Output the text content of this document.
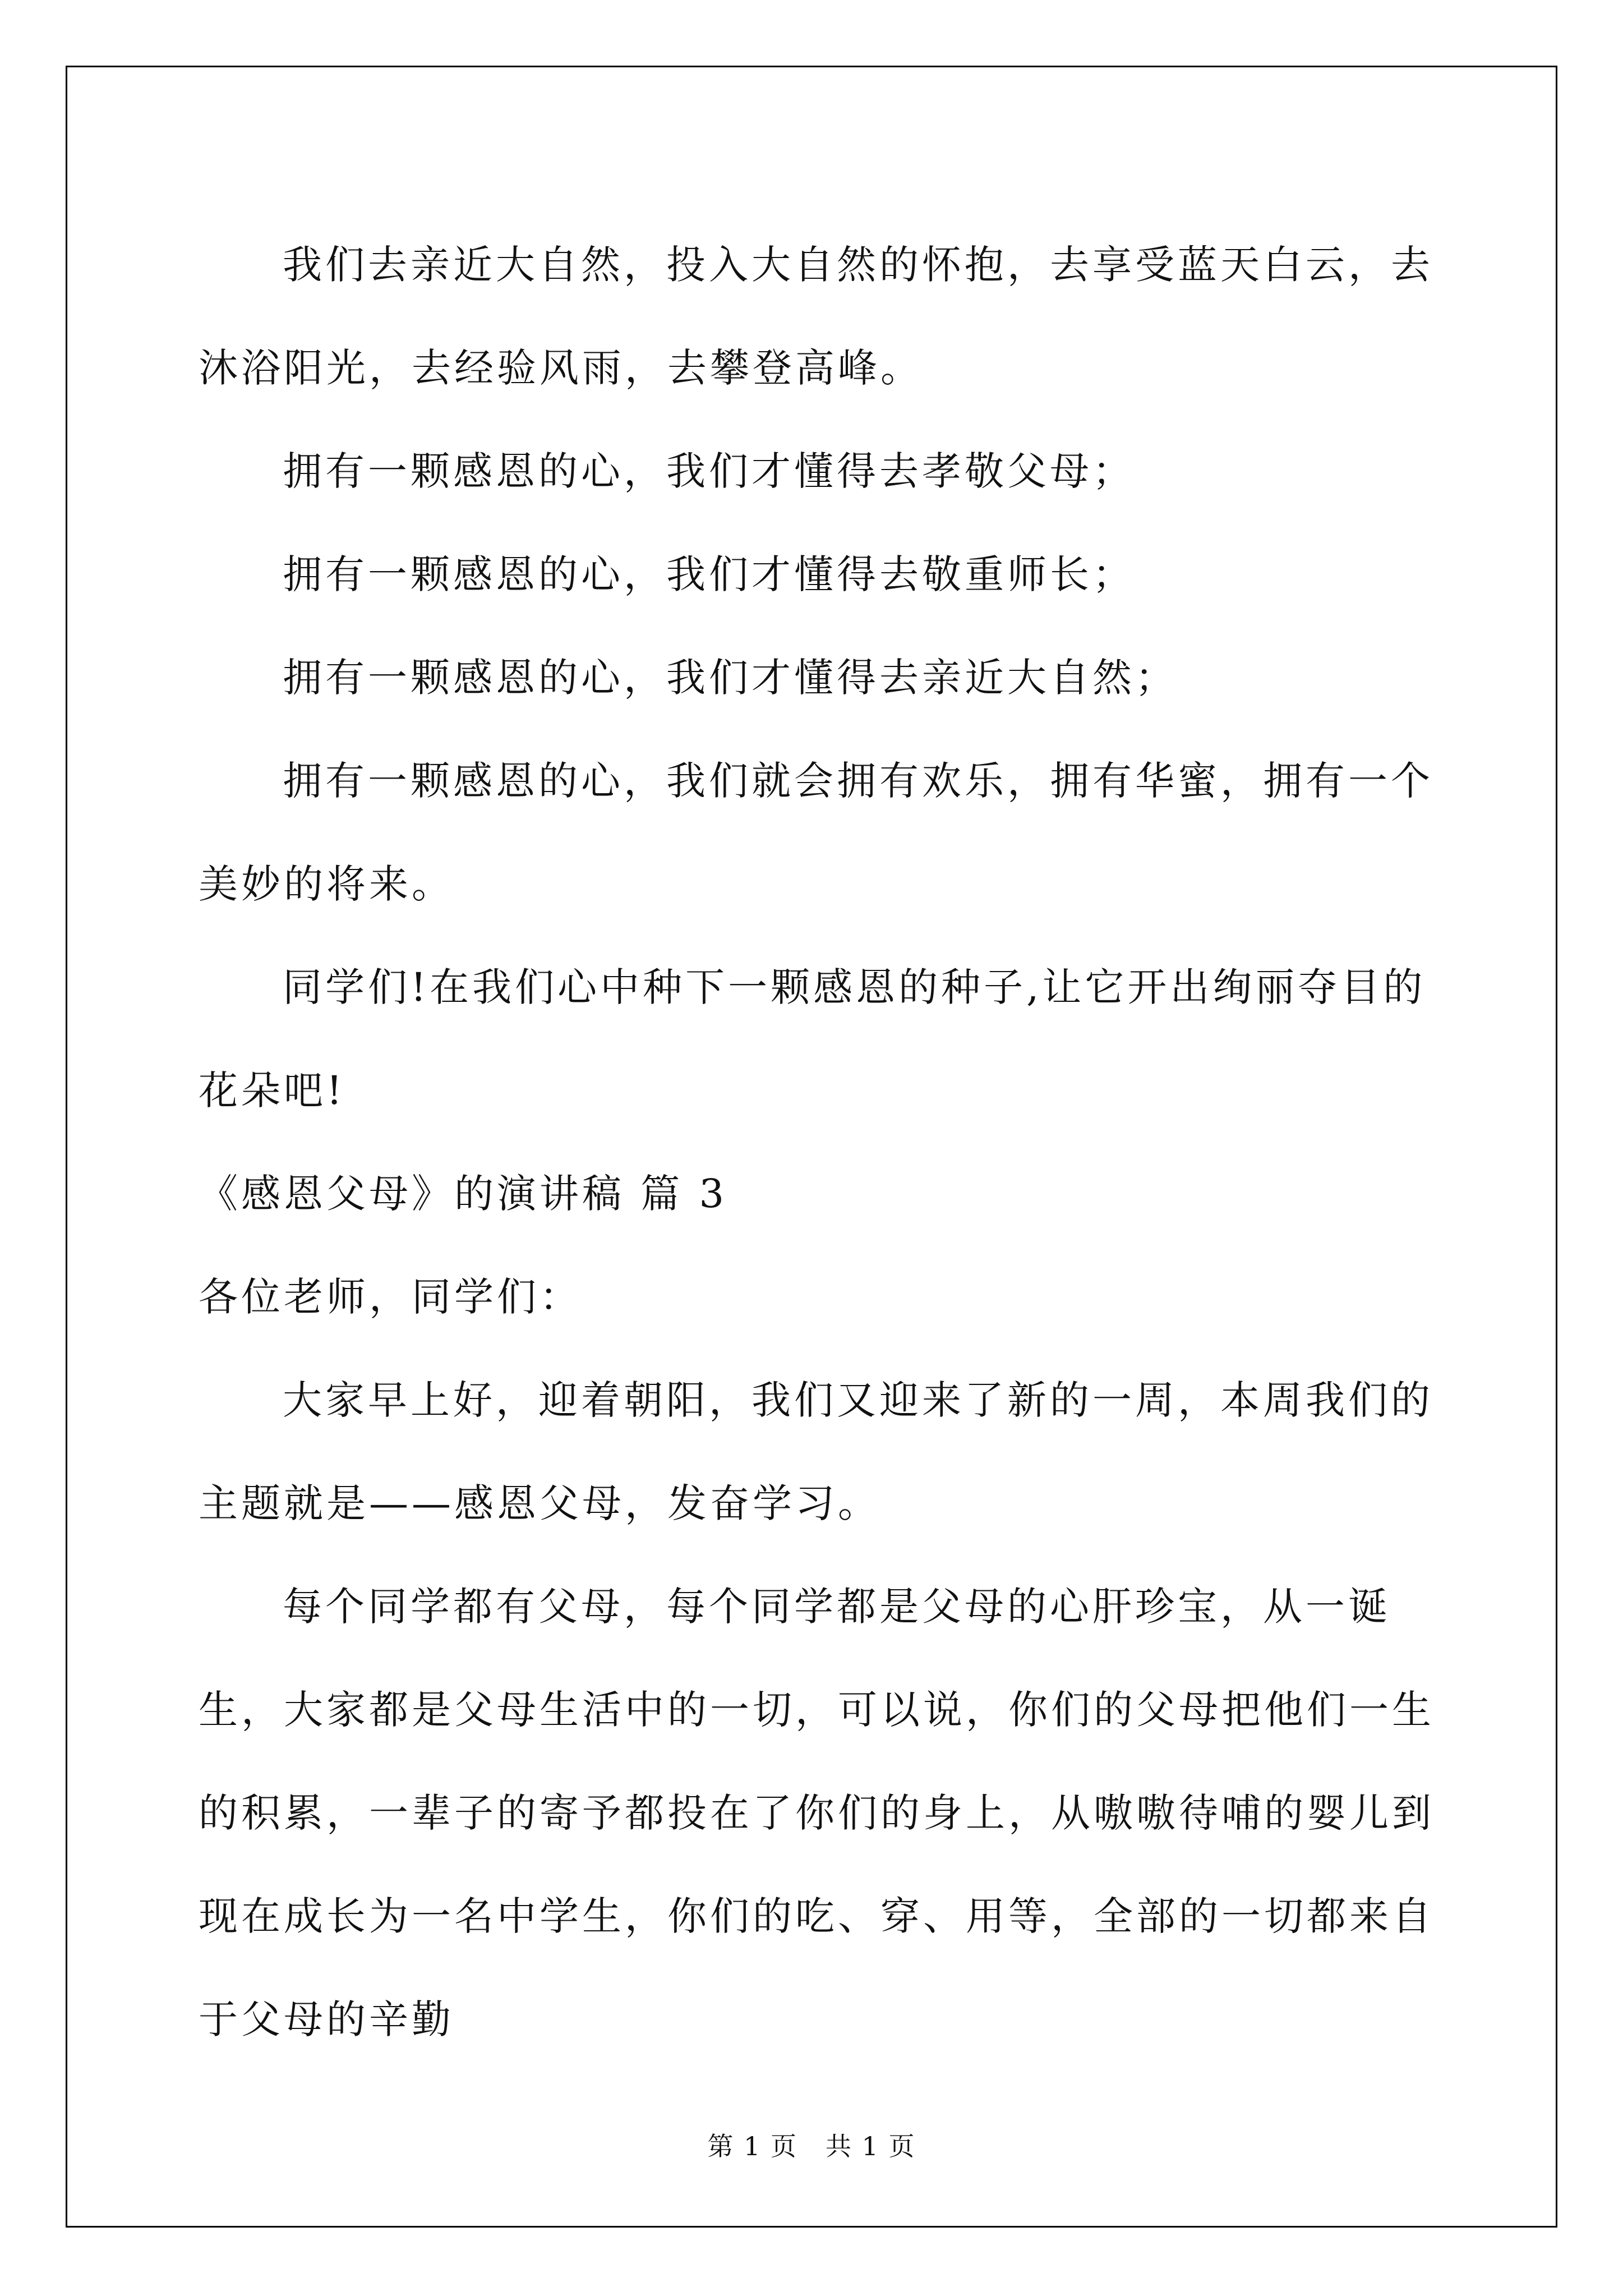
我们去亲近大自然，投入大自然的怀抱，去享受蓝天白云，去沐浴阳光，去经验风雨，去攀登高峰。

拥有一颗感恩的心，我们才懂得去孝敬父母；

拥有一颗感恩的心，我们才懂得去敬重师长；

拥有一颗感恩的心，我们才懂得去亲近大自然；

拥有一颗感恩的心，我们就会拥有欢乐，拥有华蜜，拥有一个美妙的将来。

同学们!在我们心中种下一颗感恩的种子,让它开出绚丽夺目的花朵吧!

《感恩父母》的演讲稿 篇 3

各位老师，同学们：

大家早上好，迎着朝阳，我们又迎来了新的一周，本周我们的主题就是——感恩父母，发奋学习。

每个同学都有父母，每个同学都是父母的心肝珍宝，从一诞生，大家都是父母生活中的一切，可以说，你们的父母把他们一生的积累，一辈子的寄予都投在了你们的身上，从嗷嗷待哺的婴儿到现在成长为一名中学生，你们的吃、穿、用等，全部的一切都来自于父母的辛勤

第 1 页 共 1 页
